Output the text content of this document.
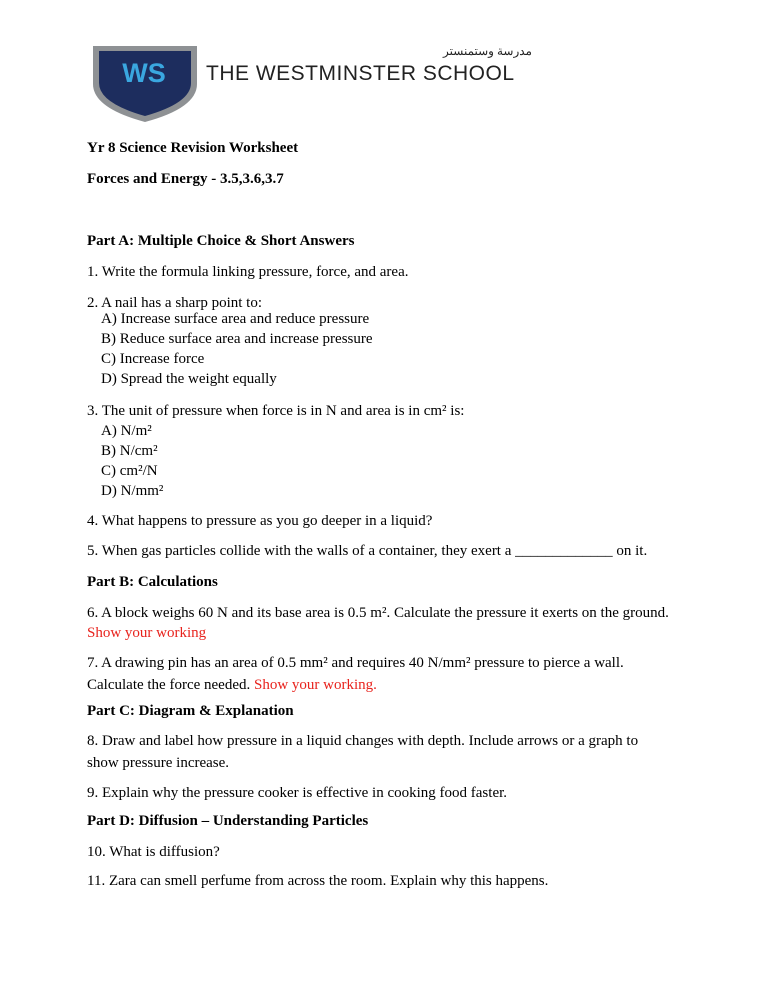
WS
مدرسة وستمنستر
THE WESTMINSTER SCHOOL
Yr 8 Science Revision Worksheet
Forces and Energy - 3.5,3.6,3.7
Part A: Multiple Choice & Short Answers
1. Write the formula linking pressure, force, and area.
2. A nail has a sharp point to:
A) Increase surface area and reduce pressure
B) Reduce surface area and increase pressure
C) Increase force
D) Spread the weight equally
3. The unit of pressure when force is in N and area is in cm² is:
A) N/m²
B) N/cm²
C) cm²/N
D) N/mm²
4. What happens to pressure as you go deeper in a liquid?
5. When gas particles collide with the walls of a container, they exert a _____________ on it.
Part B: Calculations
6. A block weighs 60 N and its base area is 0.5 m². Calculate the pressure it exerts on the ground.
Show your working
7. A drawing pin has an area of 0.5 mm² and requires 40 N/mm² pressure to pierce a wall.
Calculate the force needed. Show your working.
Part C: Diagram & Explanation
8. Draw and label how pressure in a liquid changes with depth. Include arrows or a graph to
show pressure increase.
9. Explain why the pressure cooker is effective in cooking food faster.
Part D: Diffusion – Understanding Particles
10. What is diffusion?
11. Zara can smell perfume from across the room. Explain why this happens.
